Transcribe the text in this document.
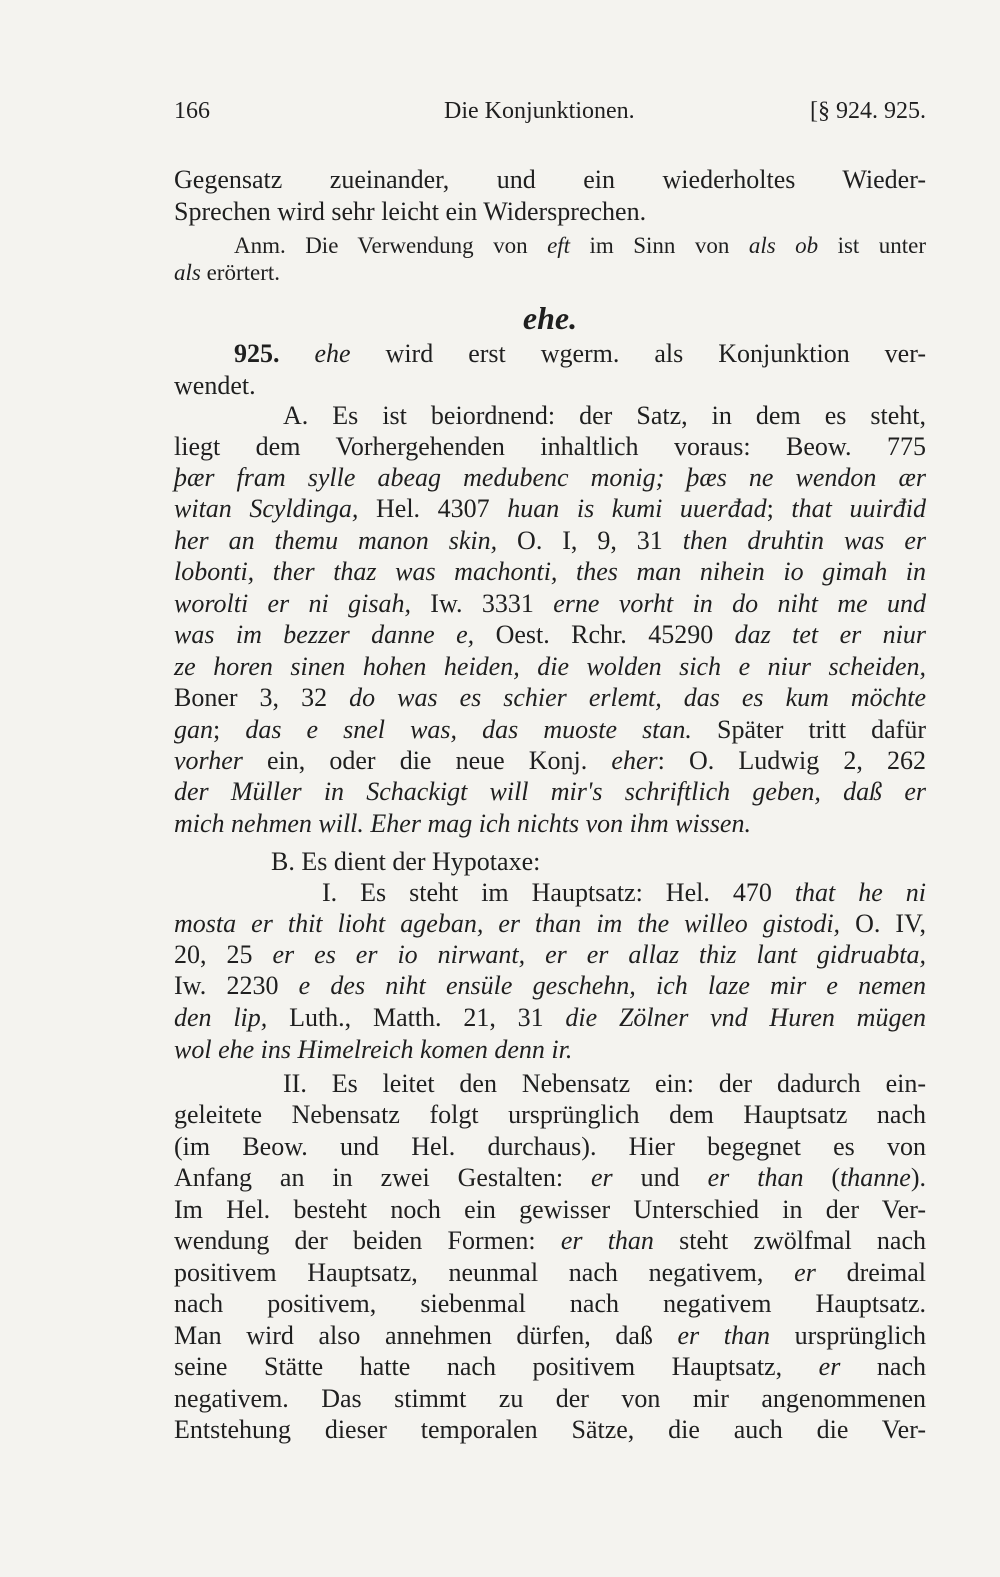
166	Die Konjunktionen.	[§ 924. 925.
Gegensatz zueinander, und ein wiederholtes Wieder-
Sprechen wird sehr leicht ein Widersprechen.
Anm. Die Verwendung von eft im Sinn von als ob ist unter
als erörtert.
ehe.
925. ehe wird erst wgerm. als Konjunktion ver-
wendet.
A. Es ist beiordnend: der Satz, in dem es steht,
liegt dem Vorhergehenden inhaltlich voraus: Beow. 775
þær fram sylle abeag medubenc monig; þæs ne wendon ær
witan Scyldinga, Hel. 4307 huan is kumi uuerđad; that uuirđid
her an themu manon skin, O. I, 9, 31 then druhtin was er
lobonti, ther thaz was machonti, thes man nihein io gimah in
worolti er ni gisah, Iw. 3331 erne vorht in do niht me und
was im bezzer danne e, Oest. Rchr. 45290 daz tet er niur
ze horen sinen hohen heiden, die wolden sich e niur scheiden,
Boner 3, 32 do was es schier erlemt, das es kum möchte
gan; das e snel was, das muoste stan. Später tritt dafür
vorher ein, oder die neue Konj. eher: O. Ludwig 2, 262
der Müller in Schackigt will mir's schriftlich geben, daß er
mich nehmen will. Eher mag ich nichts von ihm wissen.
B. Es dient der Hypotaxe:
I. Es steht im Hauptsatz: Hel. 470 that he ni
mosta er thit lioht ageban, er than im the willeo gistodi, O. IV,
20, 25 er es er io nirwant, er er allaz thiz lant gidruabta,
Iw. 2230 e des niht ensüle geschehn, ich laze mir e nemen
den lip, Luth., Matth. 21, 31 die Zölner vnd Huren mügen
wol ehe ins Himelreich komen denn ir.
II. Es leitet den Nebensatz ein: der dadurch ein-
geleitete Nebensatz folgt ursprünglich dem Hauptsatz nach
(im Beow. und Hel. durchaus). Hier begegnet es von
Anfang an in zwei Gestalten: er und er than (thanne).
Im Hel. besteht noch ein gewisser Unterschied in der Ver-
wendung der beiden Formen: er than steht zwölfmal nach
positivem Hauptsatz, neunmal nach negativem, er dreimal
nach positivem, siebenmal nach negativem Hauptsatz.
Man wird also annehmen dürfen, daß er than ursprünglich
seine Stätte hatte nach positivem Hauptsatz, er nach
negativem. Das stimmt zu der von mir angenommenen
Entstehung dieser temporalen Sätze, die auch die Ver-
